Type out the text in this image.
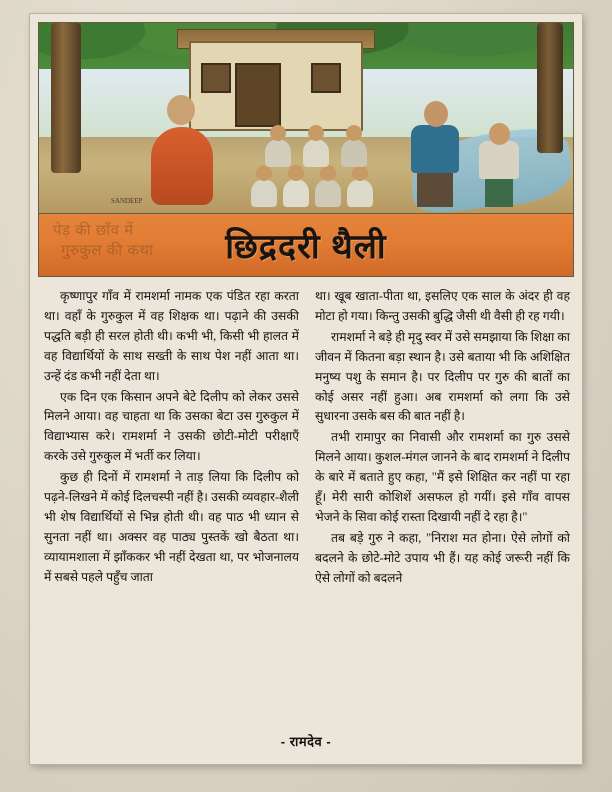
SANDEEP
पेड़ की छाँव में
गुरुकुल की कथा	छिद्रदरी थैली

कृष्णापुर गाँव में रामशर्मा नामक एक पंडित रहा करता था। वहाँ के गुरुकुल में वह शिक्षक था। पढ़ाने की उसकी पद्धति बड़ी ही सरल होती थी। कभी भी, किसी भी हालत में वह विद्यार्थियों के साथ सख्ती के साथ पेश नहीं आता था। उन्हें दंड कभी नहीं देता था।

एक दिन एक किसान अपने बेटे दिलीप को लेकर उससे मिलने आया। वह चाहता था कि उसका बेटा उस गुरुकुल में विद्याभ्यास करे। रामशर्मा ने उसकी छोटी-मोटी परीक्षाएँ करके उसे गुरुकुल में भर्ती कर लिया।

कुछ ही दिनों में रामशर्मा ने ताड़ लिया कि दिलीप को पढ़ने-लिखने में कोई दिलचस्पी नहीं है। उसकी व्यवहार-शैली भी शेष विद्यार्थियों से भिन्न होती थी। वह पाठ भी ध्यान से सुनता नहीं था। अक्सर वह पाठ्य पुस्तकें खो बैठता था। व्यायामशाला में झाँककर भी नहीं देखता था, पर भोजनालय में सबसे पहले पहुँच जाता

था। खूब खाता-पीता था, इसलिए एक साल के अंदर ही वह मोटा हो गया। किन्तु उसकी बुद्धि जैसी थी वैसी ही रह गयी।

रामशर्मा ने बड़े ही मृदु स्वर में उसे समझाया कि शिक्षा का जीवन में कितना बड़ा स्थान है। उसे बताया भी कि अशिक्षित मनुष्य पशु के समान है। पर दिलीप पर गुरु की बातों का कोई असर नहीं हुआ। अब रामशर्मा को लगा कि उसे सुधारना उसके बस की बात नहीं है।

तभी रामापुर का निवासी और रामशर्मा का गुरु उससे मिलने आया। कुशल-मंगल जानने के बाद रामशर्मा ने दिलीप के बारे में बताते हुए कहा, "मैं इसे शिक्षित कर नहीं पा रहा हूँ। मेरी सारी कोशिशें असफल हो गयीं। इसे गाँव वापस भेजने के सिवा कोई रास्ता दिखायी नहीं दे रहा है।"

तब बड़े गुरु ने कहा, "निराश मत होना। ऐसे लोगों को बदलने के छोटे-मोटे उपाय भी हैं। यह कोई जरूरी नहीं कि ऐसे लोगों को बदलने

- रामदेव -
